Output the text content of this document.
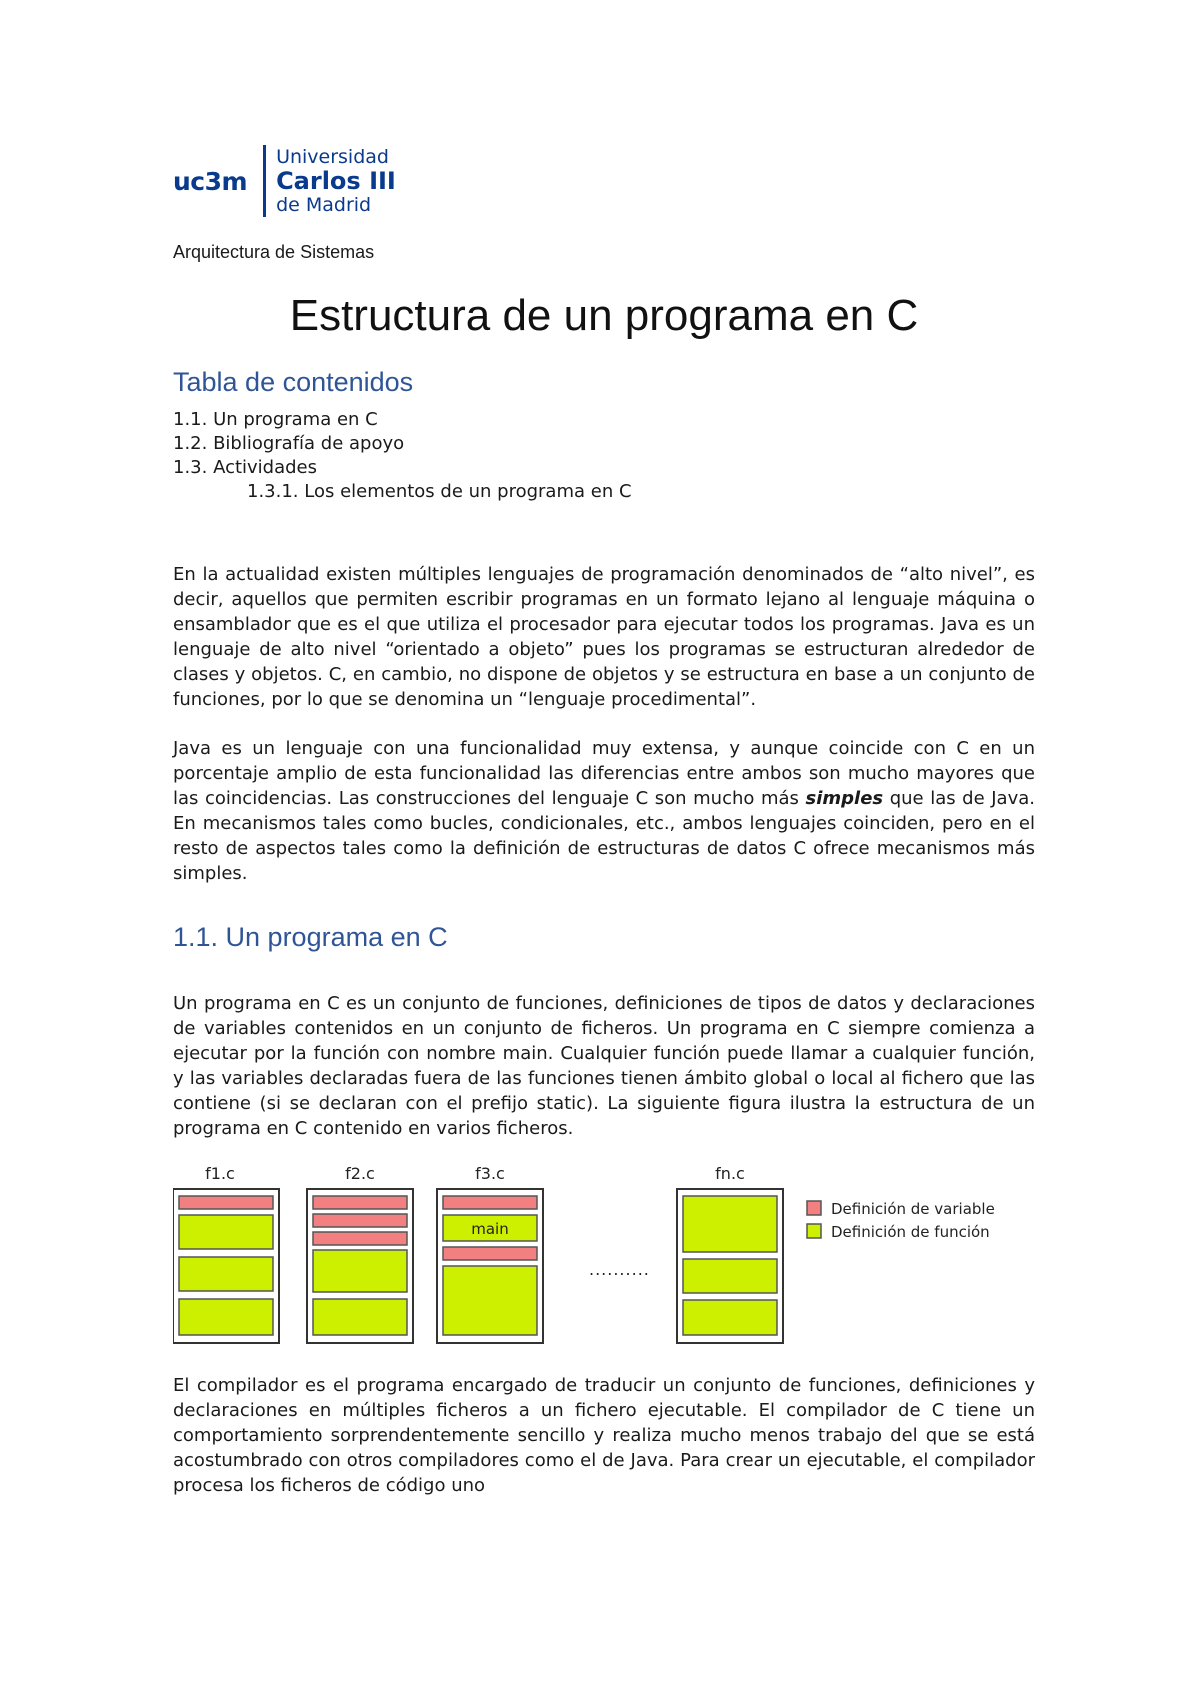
uc3m
Universidad
Carlos III
de Madrid
Arquitectura de Sistemas
Estructura de un programa en C
Tabla de contenidos
1.1. Un programa en C
1.2. Bibliografía de apoyo
1.3. Actividades
1.3.1. Los elementos de un programa en C

En la actualidad existen múltiples lenguajes de programación denominados de “alto nivel”, es decir, aquellos que permiten escribir programas en un formato lejano al lenguaje máquina o ensamblador que es el que utiliza el procesador para ejecutar todos los programas. Java es un lenguaje de alto nivel “orientado a objeto” pues los programas se estructuran alrededor de clases y objetos. C, en cambio, no dispone de objetos y se estructura en base a un conjunto de funciones, por lo que se denomina un “lenguaje procedimental”.

Java es un lenguaje con una funcionalidad muy extensa, y aunque coincide con C en un porcentaje amplio de esta funcionalidad las diferencias entre ambos son mucho mayores que las coincidencias. Las construcciones del lenguaje C son mucho más simples que las de Java. En mecanismos tales como bucles, condicionales, etc., ambos lenguajes coinciden, pero en el resto de aspectos tales como la definición de estructuras de datos C ofrece mecanismos más simples.

1.1. Un programa en C

Un programa en C es un conjunto de funciones, definiciones de tipos de datos y declaraciones de variables contenidos en un conjunto de ficheros. Un programa en C siempre comienza a ejecutar por la función con nombre main. Cualquier función puede llamar a cualquier función, y las variables declaradas fuera de las funciones tienen ámbito global o local al fichero que las contiene (si se declaran con el prefijo static). La siguiente figura ilustra la estructura de un programa en C contenido en varios ficheros.

f1.c	f2.c	f3.c	fn.c
main
..........
Definición de variable
Definición de función

El compilador es el programa encargado de traducir un conjunto de funciones, definiciones y declaraciones en múltiples ficheros a un fichero ejecutable. El compilador de C tiene un comportamiento sorprendentemente sencillo y realiza mucho menos trabajo del que se está acostumbrado con otros compiladores como el de Java. Para crear un ejecutable, el compilador procesa los ficheros de código uno
